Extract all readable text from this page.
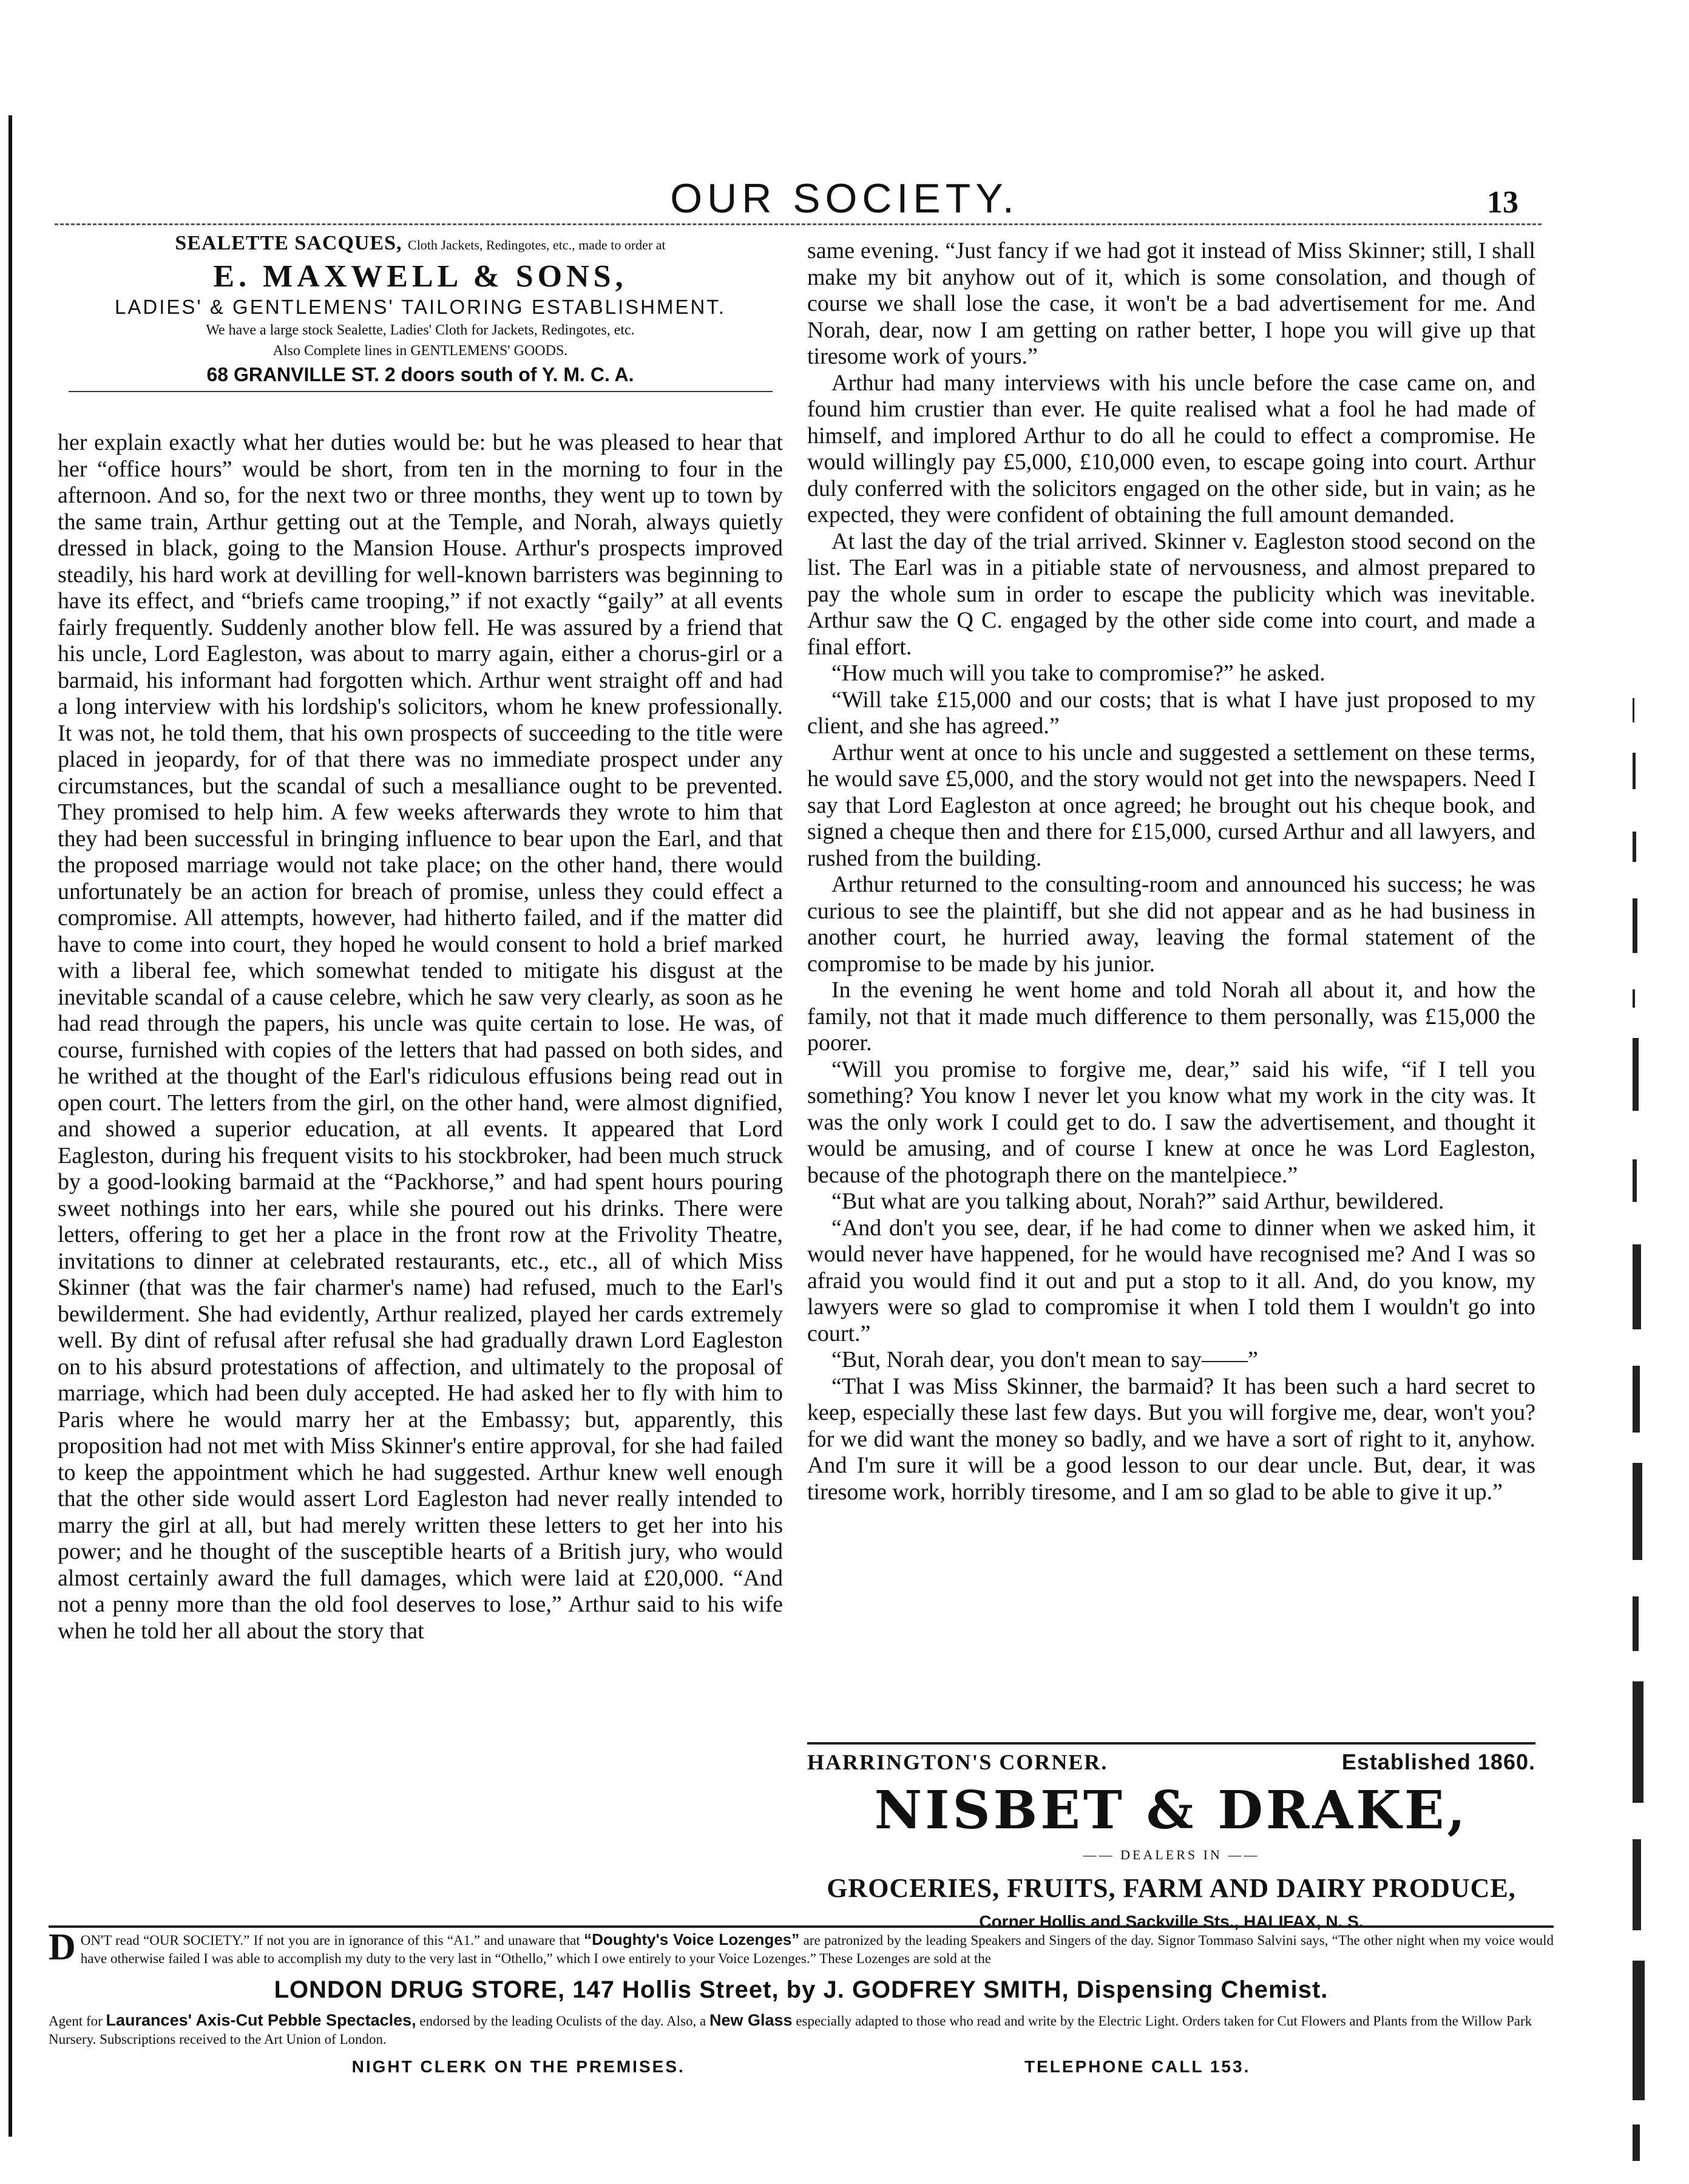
OUR SOCIETY.	13
SEALETTE SACQUES, Cloth Jackets, Redingotes, etc., made to order at
E. MAXWELL & SONS,
LADIES' & GENTLEMENS' TAILORING ESTABLISHMENT.
We have a large stock Sealette, Ladies' Cloth for Jackets, Redingotes, etc.
Also Complete lines in GENTLEMENS' GOODS.
68 GRANVILLE ST. 2 doors south of Y. M. C. A.

her explain exactly what her duties would be: but he was pleased to hear that her “office hours” would be short, from ten in the morning to four in the afternoon. And so, for the next two or three months, they went up to town by the same train, Arthur getting out at the Temple, and Norah, always quietly dressed in black, going to the Mansion House. Arthur's prospects improved steadily, his hard work at devilling for well-known barristers was beginning to have its effect, and “briefs came trooping,” if not exactly “gaily” at all events fairly frequently. Suddenly another blow fell. He was assured by a friend that his uncle, Lord Eagleston, was about to marry again, either a chorus-girl or a barmaid, his informant had forgotten which. Arthur went straight off and had a long interview with his lordship's solicitors, whom he knew professionally. It was not, he told them, that his own prospects of succeeding to the title were placed in jeopardy, for of that there was no immediate prospect under any circumstances, but the scandal of such a mesalliance ought to be prevented. They promised to help him. A few weeks afterwards they wrote to him that they had been successful in bringing influence to bear upon the Earl, and that the proposed marriage would not take place; on the other hand, there would unfortunately be an action for breach of promise, unless they could effect a compromise. All attempts, however, had hitherto failed, and if the matter did have to come into court, they hoped he would consent to hold a brief marked with a liberal fee, which somewhat tended to mitigate his disgust at the inevitable scandal of a cause celebre, which he saw very clearly, as soon as he had read through the papers, his uncle was quite certain to lose. He was, of course, furnished with copies of the letters that had passed on both sides, and he writhed at the thought of the Earl's ridiculous effusions being read out in open court. The letters from the girl, on the other hand, were almost dignified, and showed a superior education, at all events. It appeared that Lord Eagleston, during his frequent visits to his stockbroker, had been much struck by a good-looking barmaid at the “Packhorse,” and had spent hours pouring sweet nothings into her ears, while she poured out his drinks. There were letters, offering to get her a place in the front row at the Frivolity Theatre, invitations to dinner at celebrated restaurants, etc., etc., all of which Miss Skinner (that was the fair charmer's name) had refused, much to the Earl's bewilderment. She had evidently, Arthur realized, played her cards extremely well. By dint of refusal after refusal she had gradually drawn Lord Eagleston on to his absurd protestations of affection, and ultimately to the proposal of marriage, which had been duly accepted. He had asked her to fly with him to Paris where he would marry her at the Embassy; but, apparently, this proposition had not met with Miss Skinner's entire approval, for she had failed to keep the appointment which he had suggested. Arthur knew well enough that the other side would assert Lord Eagleston had never really intended to marry the girl at all, but had merely written these letters to get her into his power; and he thought of the susceptible hearts of a British jury, who would almost certainly award the full damages, which were laid at £20,000. “And not a penny more than the old fool deserves to lose,” Arthur said to his wife when he told her all about the story that

same evening. “Just fancy if we had got it instead of Miss Skinner; still, I shall make my bit anyhow out of it, which is some consolation, and though of course we shall lose the case, it won't be a bad advertisement for me. And Norah, dear, now I am getting on rather better, I hope you will give up that tiresome work of yours.”

Arthur had many interviews with his uncle before the case came on, and found him crustier than ever. He quite realised what a fool he had made of himself, and implored Arthur to do all he could to effect a compromise. He would willingly pay £5,000, £10,000 even, to escape going into court. Arthur duly conferred with the solicitors engaged on the other side, but in vain; as he expected, they were confident of obtaining the full amount demanded.

At last the day of the trial arrived. Skinner v. Eagleston stood second on the list. The Earl was in a pitiable state of nervousness, and almost prepared to pay the whole sum in order to escape the publicity which was inevitable. Arthur saw the Q C. engaged by the other side come into court, and made a final effort.

“How much will you take to compromise?” he asked.

“Will take £15,000 and our costs; that is what I have just proposed to my client, and she has agreed.”

Arthur went at once to his uncle and suggested a settlement on these terms, he would save £5,000, and the story would not get into the newspapers. Need I say that Lord Eagleston at once agreed; he brought out his cheque book, and signed a cheque then and there for £15,000, cursed Arthur and all lawyers, and rushed from the building.

Arthur returned to the consulting-room and announced his success; he was curious to see the plaintiff, but she did not appear and as he had business in another court, he hurried away, leaving the formal statement of the compromise to be made by his junior.

In the evening he went home and told Norah all about it, and how the family, not that it made much difference to them personally, was £15,000 the poorer.

“Will you promise to forgive me, dear,” said his wife, “if I tell you something? You know I never let you know what my work in the city was. It was the only work I could get to do. I saw the advertisement, and thought it would be amusing, and of course I knew at once he was Lord Eagleston, because of the photograph there on the mantelpiece.”

“But what are you talking about, Norah?” said Arthur, bewildered.

“And don't you see, dear, if he had come to dinner when we asked him, it would never have happened, for he would have recognised me? And I was so afraid you would find it out and put a stop to it all. And, do you know, my lawyers were so glad to compromise it when I told them I wouldn't go into court.”

“But, Norah dear, you don't mean to say——”

“That I was Miss Skinner, the barmaid? It has been such a hard secret to keep, especially these last few days. But you will forgive me, dear, won't you? for we did want the money so badly, and we have a sort of right to it, anyhow. And I'm sure it will be a good lesson to our dear uncle. But, dear, it was tiresome work, horribly tiresome, and I am so glad to be able to give it up.”

HARRINGTON'S CORNER.	Established 1860.
NISBET & DRAKE,
—— DEALERS IN ——
GROCERIES, FRUITS, FARM AND DAIRY PRODUCE,
Corner Hollis and Sackville Sts., HALIFAX, N. S.
D ON'T read “OUR SOCIETY.” If not you are in ignorance of this “A1.” and unaware that “Doughty's Voice Lozenges” are patronized by the leading Speakers and Singers of the day. Signor Tommaso Salvini says, “The other night when my voice would have otherwise failed I was able to accomplish my duty to the very last in “Othello,” which I owe entirely to your Voice Lozenges.” These Lozenges are sold at the
LONDON DRUG STORE, 147 Hollis Street, by J. GODFREY SMITH, Dispensing Chemist.
Agent for Laurances' Axis-Cut Pebble Spectacles, endorsed by the leading Oculists of the day. Also, a New Glass especially adapted to those who read and write by the Electric Light. Orders taken for Cut Flowers and Plants from the Willow Park Nursery. Subscriptions received to the Art Union of London.
NIGHT CLERK ON THE PREMISES.	TELEPHONE CALL 153.
